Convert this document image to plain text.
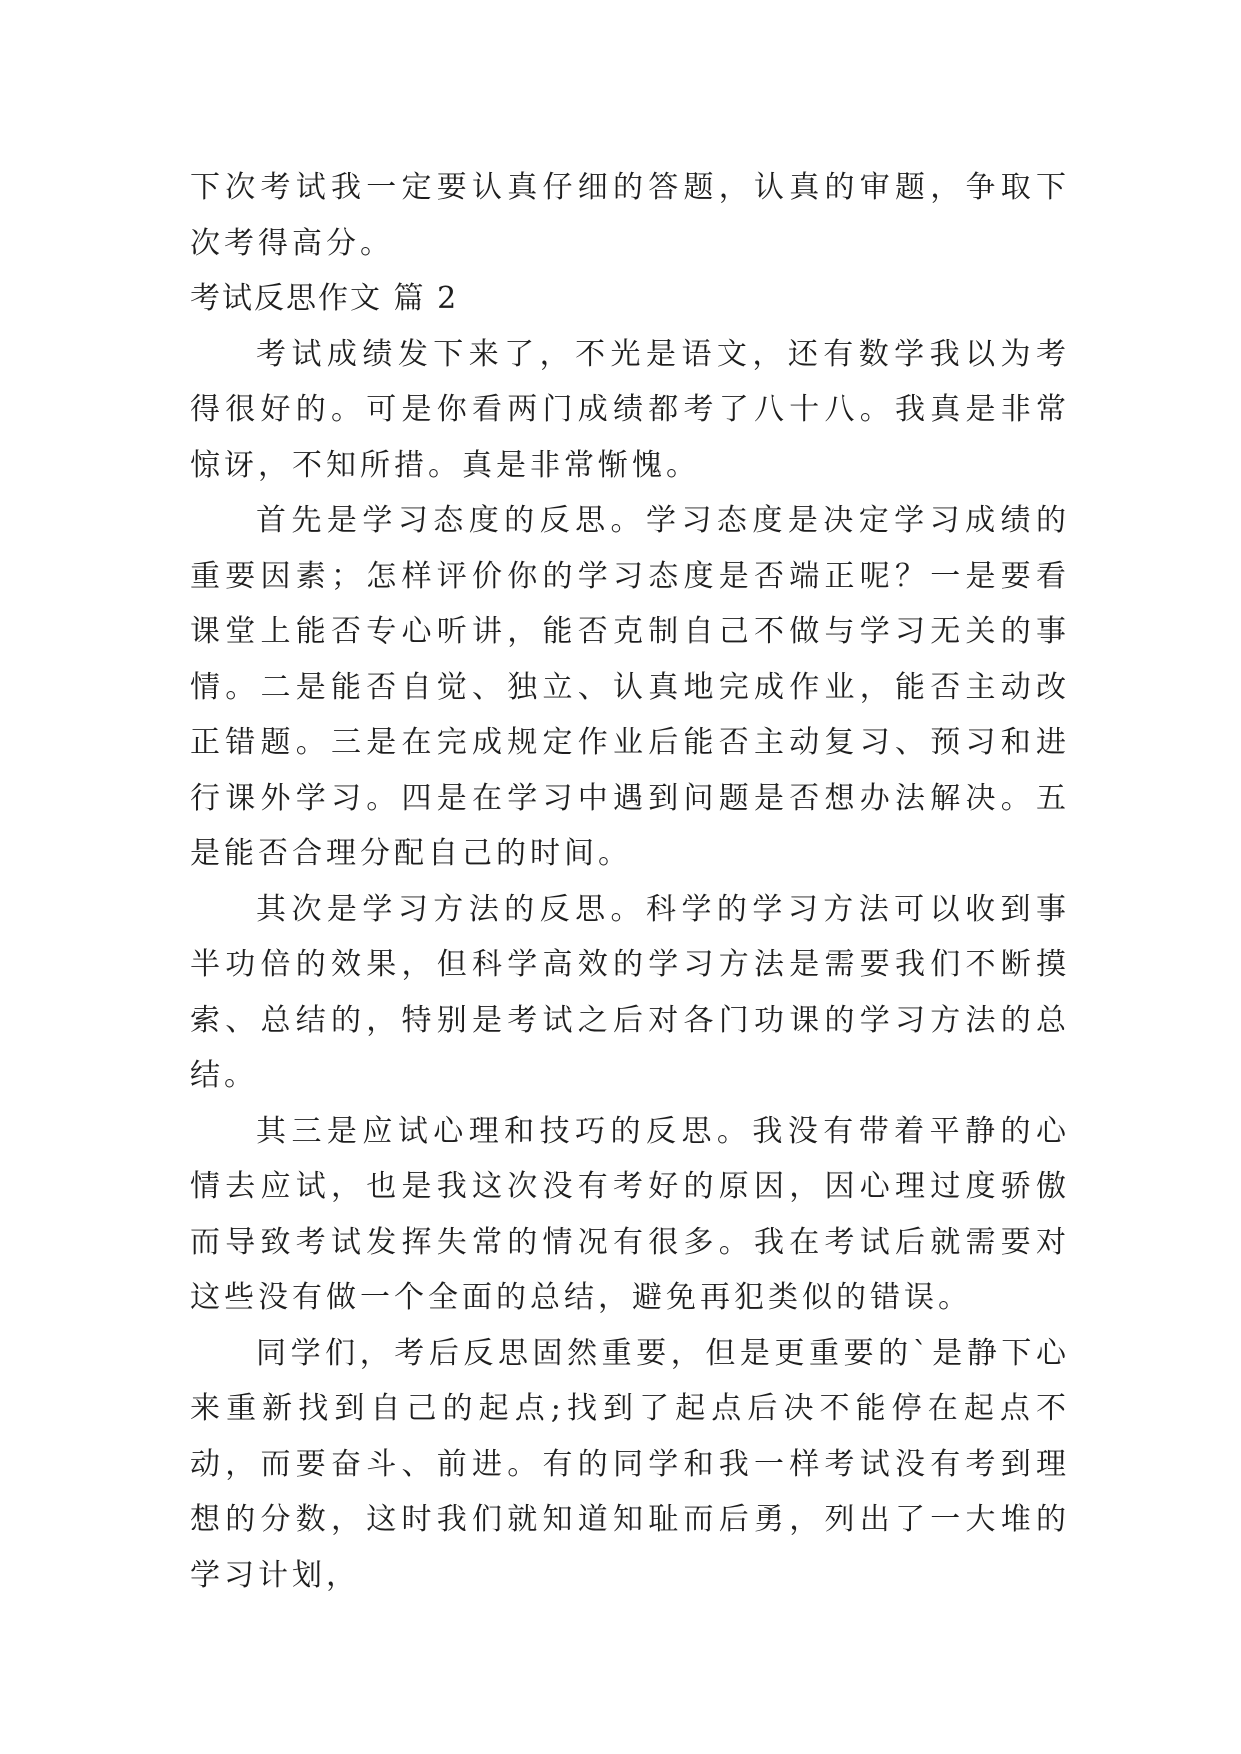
下次考试我一定要认真仔细的答题，认真的审题，争取下次考得高分。

考试反思作文 篇 2

考试成绩发下来了，不光是语文，还有数学我以为考得很好的。可是你看两门成绩都考了八十八。我真是非常惊讶，不知所措。真是非常惭愧。

首先是学习态度的反思。学习态度是决定学习成绩的重要因素；怎样评价你的学习态度是否端正呢？一是要看课堂上能否专心听讲，能否克制自己不做与学习无关的事情。二是能否自觉、独立、认真地完成作业，能否主动改正错题。三是在完成规定作业后能否主动复习、预习和进行课外学习。四是在学习中遇到问题是否想办法解决。五是能否合理分配自己的时间。

其次是学习方法的反思。科学的学习方法可以收到事半功倍的效果，但科学高效的学习方法是需要我们不断摸索、总结的，特别是考试之后对各门功课的学习方法的总结。

其三是应试心理和技巧的反思。我没有带着平静的心情去应试，也是我这次没有考好的原因，因心理过度骄傲而导致考试发挥失常的情况有很多。我在考试后就需要对这些没有做一个全面的总结，避免再犯类似的错误。

同学们，考后反思固然重要，但是更重要的`是静下心来重新找到自己的起点;找到了起点后决不能停在起点不动，而要奋斗、前进。有的同学和我一样考试没有考到理想的分数，这时我们就知道知耻而后勇，列出了一大堆的学习计划，
